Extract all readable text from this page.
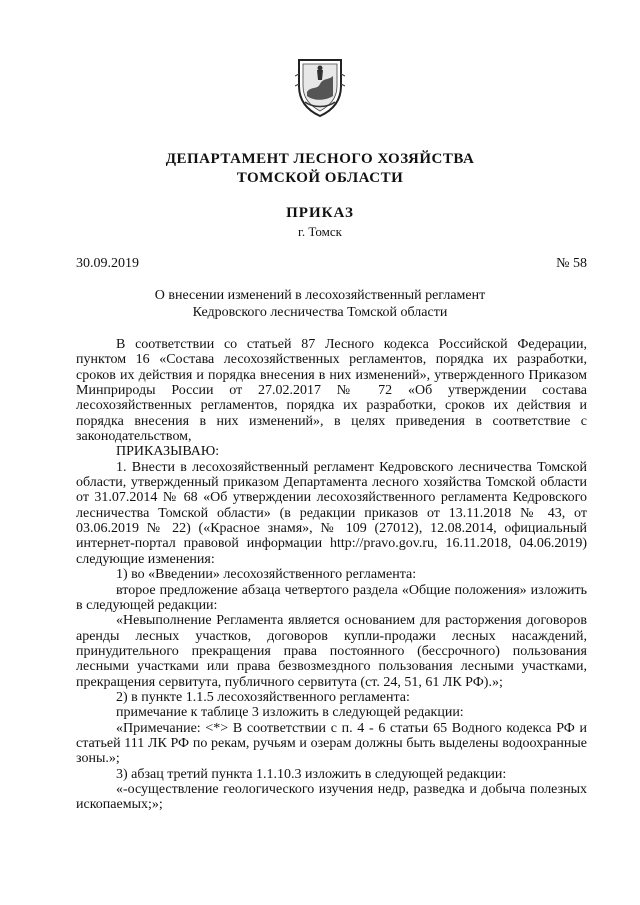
ДЕПАРТАМЕНТ ЛЕСНОГО ХОЗЯЙСТВА
ТОМСКОЙ ОБЛАСТИ
ПРИКАЗ
г. Томск
30.09.2019	№ 58
О внесении изменений в лесохозяйственный регламент
Кедровского лесничества Томской области

В соответствии со статьей 87 Лесного кодекса Российской Федерации, пунктом 16 «Состава лесохозяйственных регламентов, порядка их разработки, сроков их действия и порядка внесения в них изменений», утвержденного Приказом Минприроды России от 27.02.2017 № 72 «Об утверждении состава лесохозяйственных регламентов, порядка их разработки, сроков их действия и порядка внесения в них изменений», в целях приведения в соответствие с законодательством,

ПРИКАЗЫВАЮ:

1. Внести в лесохозяйственный регламент Кедровского лесничества Томской области, утвержденный приказом Департамента лесного хозяйства Томской области от 31.07.2014 № 68 «Об утверждении лесохозяйственного регламента Кедровского лесничества Томской области» (в редакции приказов от 13.11.2018 № 43, от 03.06.2019 № 22) («Красное знамя», № 109 (27012), 12.08.2014, официальный интернет-портал правовой информации http://pravo.gov.ru, 16.11.2018, 04.06.2019) следующие изменения:

1) во «Введении» лесохозяйственного регламента:

второе предложение абзаца четвертого раздела «Общие положения» изложить в следующей редакции:

«Невыполнение Регламента является основанием для расторжения договоров аренды лесных участков, договоров купли-продажи лесных насаждений, принудительного прекращения права постоянного (бессрочного) пользования лесными участками или права безвозмездного пользования лесными участками, прекращения сервитута, публичного сервитута (ст. 24, 51, 61 ЛК РФ).»;

2) в пункте 1.1.5 лесохозяйственного регламента:

примечание к таблице 3 изложить в следующей редакции:

«Примечание: <*> В соответствии с п. 4 - 6 статьи 65 Водного кодекса РФ и статьей 111 ЛК РФ по рекам, ручьям и озерам должны быть выделены водоохранные зоны.»;

3) абзац третий пункта 1.1.10.3 изложить в следующей редакции:

«-осуществление геологического изучения недр, разведка и добыча полезных ископаемых;»;
